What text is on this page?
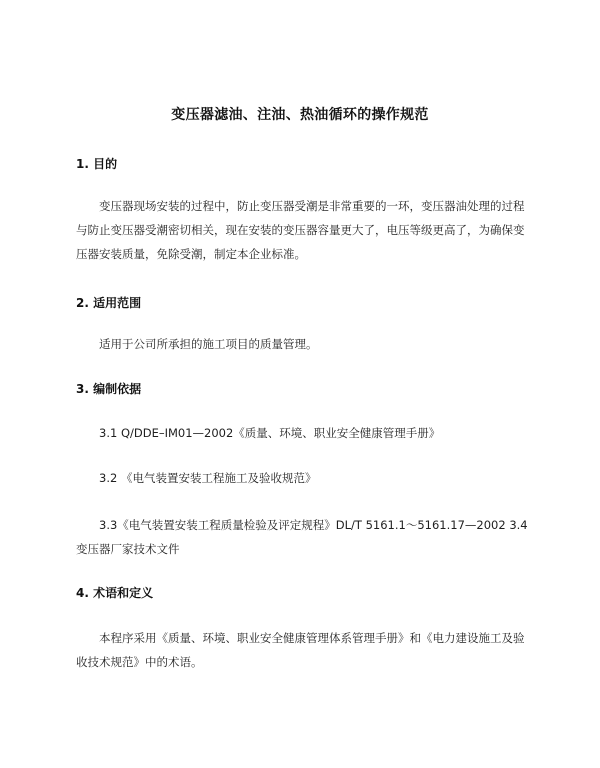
变压器滤油、注油、热油循环的操作规范
1. 目的

变压器现场安装的过程中，防止变压器受潮是非常重要的一环，变压器油处理的过程与防止变压器受潮密切相关，现在安装的变压器容量更大了，电压等级更高了，为确保变压器安装质量，免除受潮，制定本企业标准。

2. 适用范围

适用于公司所承担的施工项目的质量管理。

3. 编制依据

3.1 Q/DDE–IM01—2002《质量、环境、职业安全健康管理手册》

3.2 《电气装置安装工程施工及验收规范》

3.3《电气装置安装工程质量检验及评定规程》DL/T 5161.1～5161.17—2002 3.4 变压器厂家技术文件

4. 术语和定义

本程序采用《质量、环境、职业安全健康管理体系管理手册》和《电力建设施工及验收技术规范》中的术语。
